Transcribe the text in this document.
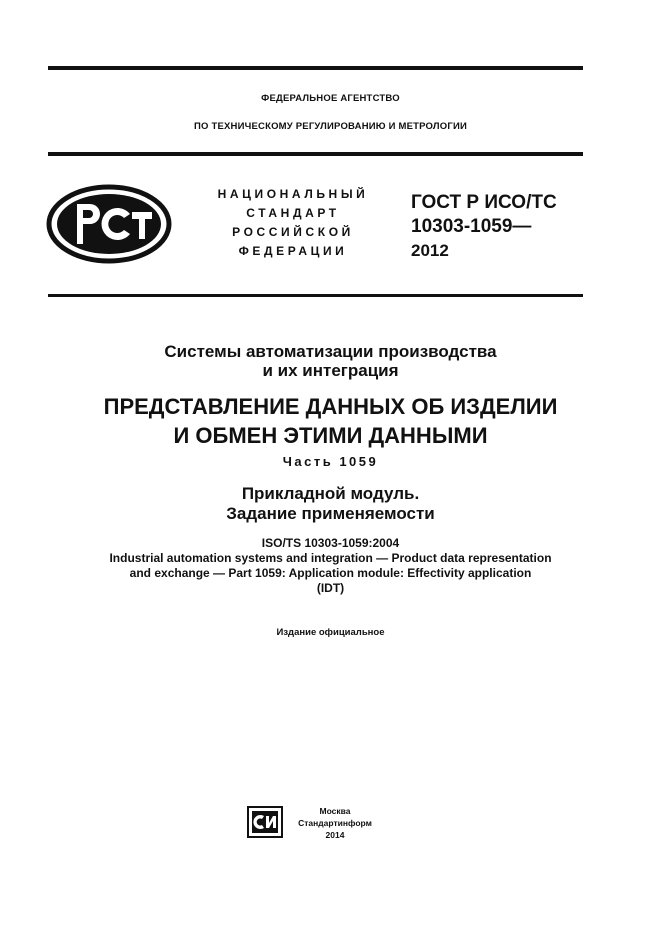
ФЕДЕРАЛЬНОЕ АГЕНТСТВО
ПО ТЕХНИЧЕСКОМУ РЕГУЛИРОВАНИЮ И МЕТРОЛОГИИ
НАЦИОНАЛЬНЫЙ
СТАНДАРТ
РОССИЙСКОЙ
ФЕДЕРАЦИИ
ГОСТ Р ИСО/ТС
10303-1059—
2012
Системы автоматизации производства
и их интеграция
ПРЕДСТАВЛЕНИЕ ДАННЫХ ОБ ИЗДЕЛИИ
И ОБМЕН ЭТИМИ ДАННЫМИ
Часть 1059
Прикладной модуль.
Задание применяемости
ISO/TS 10303-1059:2004
Industrial automation systems and integration — Product data representation
and exchange — Part 1059: Application module: Effectivity application
(IDT)
Издание официальное
Москва
Стандартинформ
2014
